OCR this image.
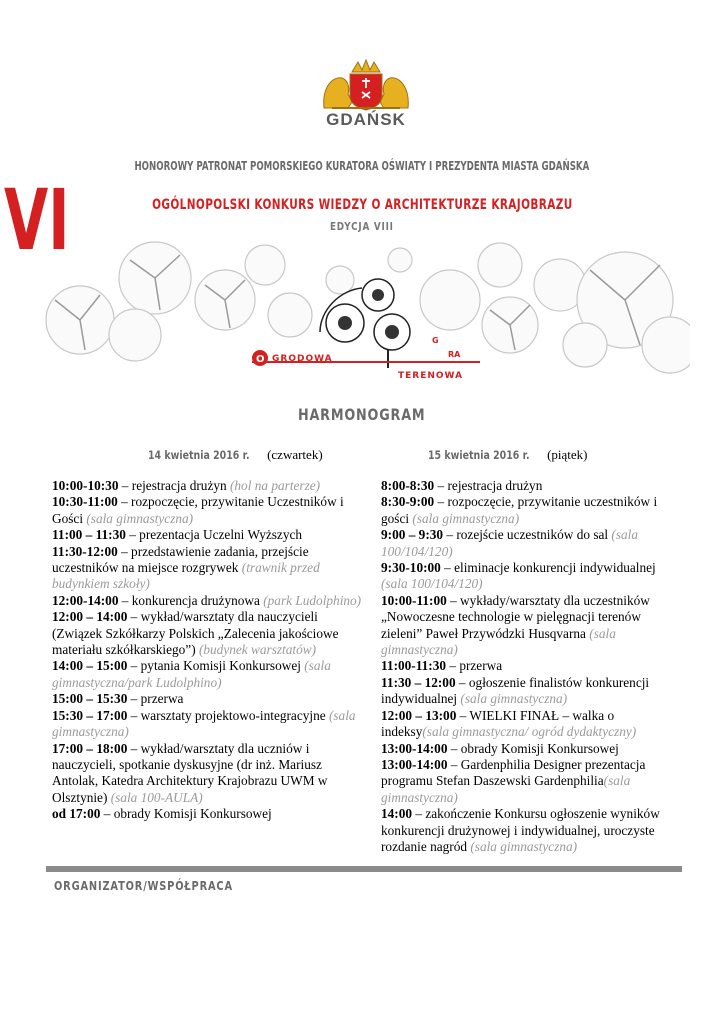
GDAŃSK
HONOROWY PATRONAT POMORSKIEGO KURATORA OŚWIATY I PREZYDENTA MIASTA GDAŃSKA
VI	OGÓLNOPOLSKI KONKURS WIEDZY O ARCHITEKTURZE KRAJOBRAZU
EDYCJA VIII
O GRODOWA
G
RA
TERENOWA
HARMONOGRAM
14 kwietnia 2016 r. (czwartek)	15 kwietnia 2016 r. (piątek)

10:00-10:30 – rejestracja drużyn (hol na parterze)

10:30-11:00 – rozpoczęcie, przywitanie Uczestników i Gości (sala gimnastyczna)

11:00 – 11:30 – prezentacja Uczelni Wyższych

11:30-12:00 – przedstawienie zadania, przejście uczestników na miejsce rozgrywek (trawnik przed budynkiem szkoły)

12:00-14:00 – konkurencja drużynowa (park Ludolphino)

12:00 – 14:00 – wykład/warsztaty dla nauczycieli (Związek Szkółkarzy Polskich „Zalecenia jakościowe materiału szkółkarskiego”) (budynek warsztatów)

14:00 – 15:00 – pytania Komisji Konkursowej (sala gimnastyczna/park Ludolphino)

15:00 – 15:30 – przerwa

15:30 – 17:00 – warsztaty projektowo-integracyjne (sala gimnastyczna)

17:00 – 18:00 – wykład/warsztaty dla uczniów i nauczycieli, spotkanie dyskusyjne (dr inż. Mariusz Antolak, Katedra Architektury Krajobrazu UWM w Olsztynie) (sala 100-AULA)

od 17:00 – obrady Komisji Konkursowej

8:00-8:30 – rejestracja drużyn

8:30-9:00 – rozpoczęcie, przywitanie uczestników i gości (sala gimnastyczna)

9:00 – 9:30 – rozejście uczestników do sal (sala 100/104/120)

9:30-10:00 – eliminacje konkurencji indywidualnej (sala 100/104/120)

10:00-11:00 – wykłady/warsztaty dla uczestników „Nowoczesne technologie w pielęgnacji terenów zieleni” Paweł Przywódzki Husqvarna (sala gimnastyczna)

11:00-11:30 – przerwa

11:30 – 12:00 – ogłoszenie finalistów konkurencji indywidualnej (sala gimnastyczna)

12:00 – 13:00 – WIELKI FINAŁ – walka o indeksy(sala gimnastyczna/ ogród dydaktyczny)

13:00-14:00 – obrady Komisji Konkursowej

13:00-14:00 – Gardenphilia Designer prezentacja programu Stefan Daszewski Gardenphilia(sala gimnastyczna)

14:00 – zakończenie Konkursu ogłoszenie wyników konkurencji drużynowej i indywidualnej, uroczyste rozdanie nagród (sala gimnastyczna)

ORGANIZATOR/WSPÓŁPRACA
